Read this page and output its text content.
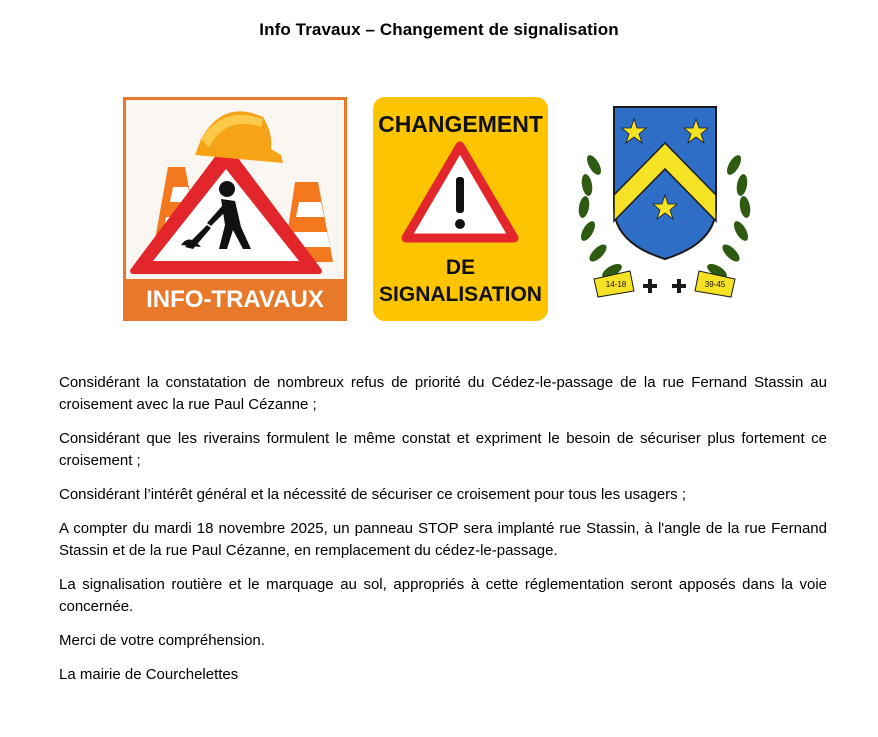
Info Travaux – Changement de signalisation
INFO-TRAVAUX
CHANGEMENT
DE
SIGNALISATION	14-18	39-45

Considérant la constatation de nombreux refus de priorité du Cédez-le-passage de la rue Fernand Stassin au croisement avec la rue Paul Cézanne ;

Considérant que les riverains formulent le même constat et expriment le besoin de sécuriser plus fortement ce croisement ;

Considérant l’intérêt général et la nécessité de sécuriser ce croisement pour tous les usagers ;

A compter du mardi 18 novembre 2025, un panneau STOP sera implanté rue Stassin, à l'angle de la rue Fernand Stassin et de la rue Paul Cézanne, en remplacement du cédez-le-passage.

La signalisation routière et le marquage au sol, appropriés à cette réglementation seront apposés dans la voie concernée.

Merci de votre compréhension.

La mairie de Courchelettes
